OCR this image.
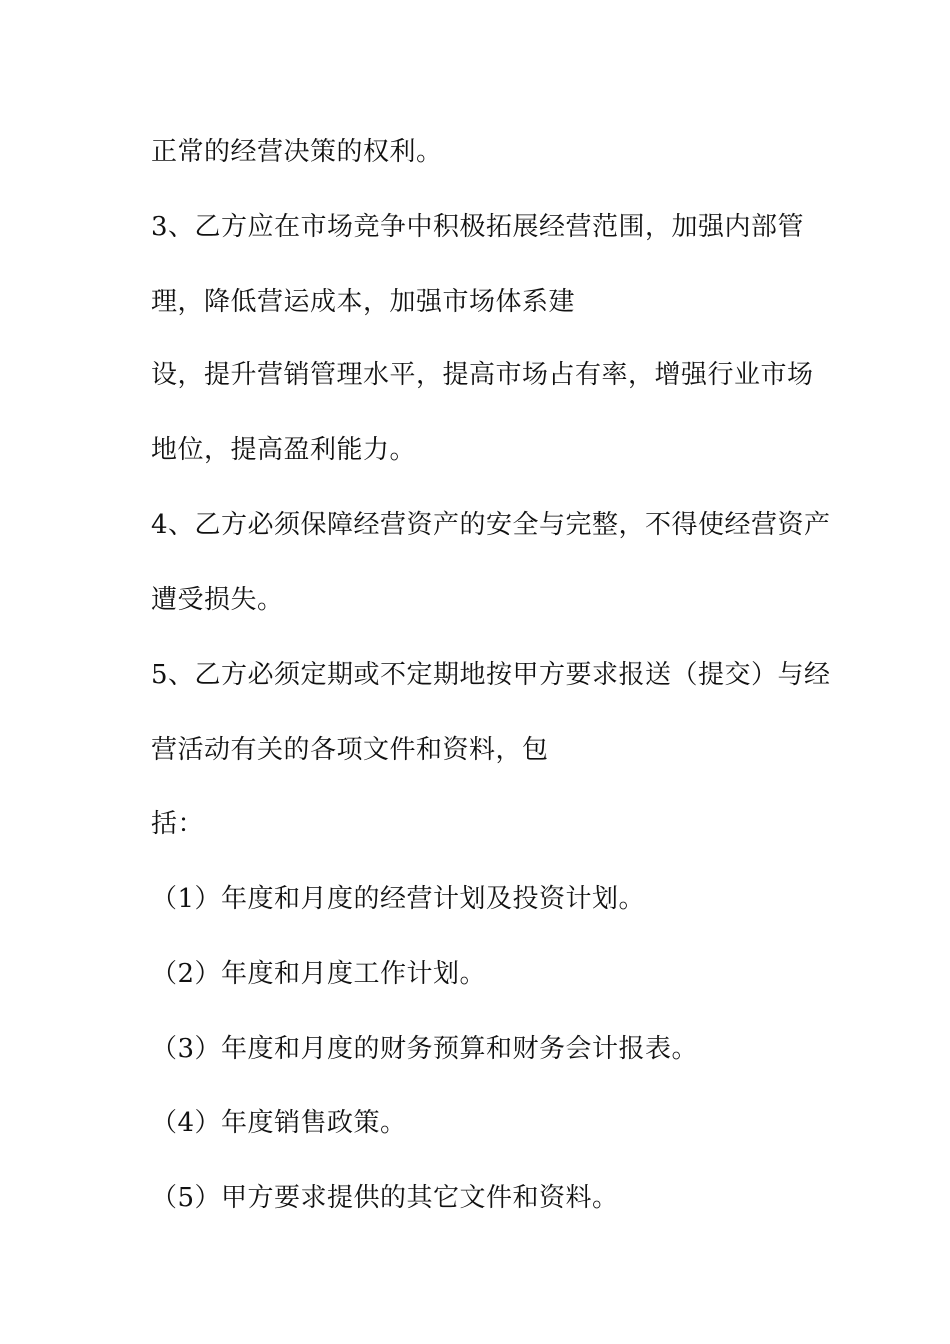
正常的经营决策的权利。
3、乙方应在市场竞争中积极拓展经营范围，加强内部管
理，降低营运成本，加强市场体系建
设，提升营销管理水平，提高市场占有率，增强行业市场
地位，提高盈利能力。
4、乙方必须保障经营资产的安全与完整，不得使经营资产
遭受损失。
5、乙方必须定期或不定期地按甲方要求报送（提交）与经
营活动有关的各项文件和资料，包
括：
（1）年度和月度的经营计划及投资计划。
（2）年度和月度工作计划。
（3）年度和月度的财务预算和财务会计报表。
（4）年度销售政策。
（5）甲方要求提供的其它文件和资料。
